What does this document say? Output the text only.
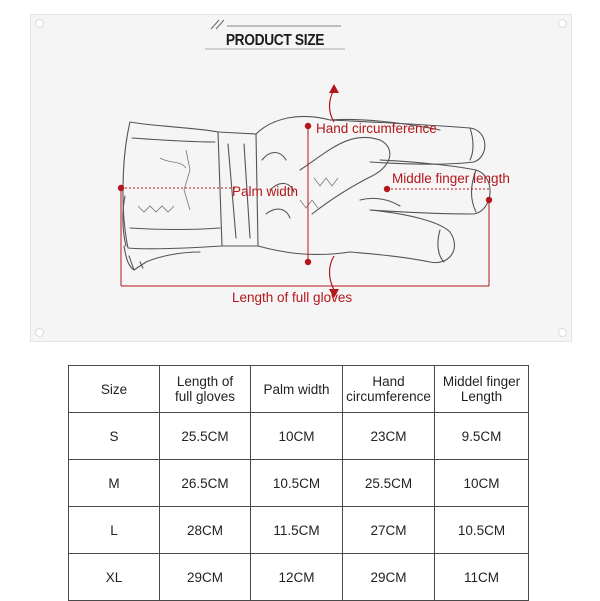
PRODUCT SIZE
Hand circumference
Middle finger length
Palm width
Length of full gloves
Size	Length of full gloves	Palm width	Hand circumference	Middel finger Length
S	25.5CM	10CM	23CM	9.5CM
M	26.5CM	10.5CM	25.5CM	10CM
L	28CM	11.5CM	27CM	10.5CM
XL	29CM	12CM	29CM	11CM
